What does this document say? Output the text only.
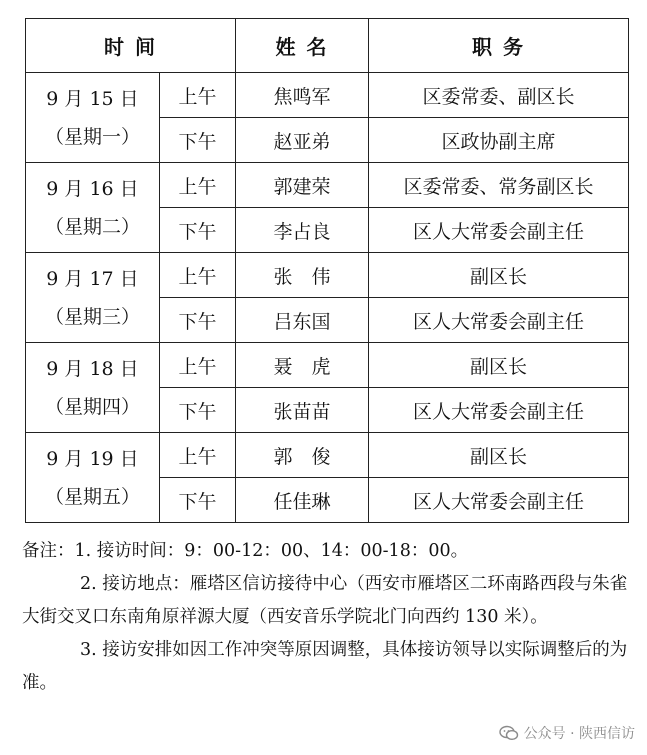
时 间		姓 名	职 务

9 月 15 日
（星期一）	上午	焦鸣军	区委常委、副区长
	下午	赵亚弟	区政协副主席

9 月 16 日
（星期二）	上午	郭建荣	区委常委、常务副区长
	下午	李占良	区人大常委会副主任

9 月 17 日
（星期三）	上午	张　伟	副区长
	下午	吕东国	区人大常委会副主任

9 月 18 日
（星期四）	上午	聂　虎	副区长
	下午	张苗苗	区人大常委会副主任

9 月 19 日
（星期五）	上午	郭　俊	副区长
	下午	任佳琳	区人大常委会副主任

备注：1. 接访时间：9：00-12：00、14：00-18：00。

2. 接访地点：雁塔区信访接待中心（西安市雁塔区二环南路西段与朱雀大街交叉口东南角原祥源大厦（西安音乐学院北门向西约 130 米）。

3. 接访安排如因工作冲突等原因调整，具体接访领导以实际调整后的为准。

公众号 · 陕西信访
